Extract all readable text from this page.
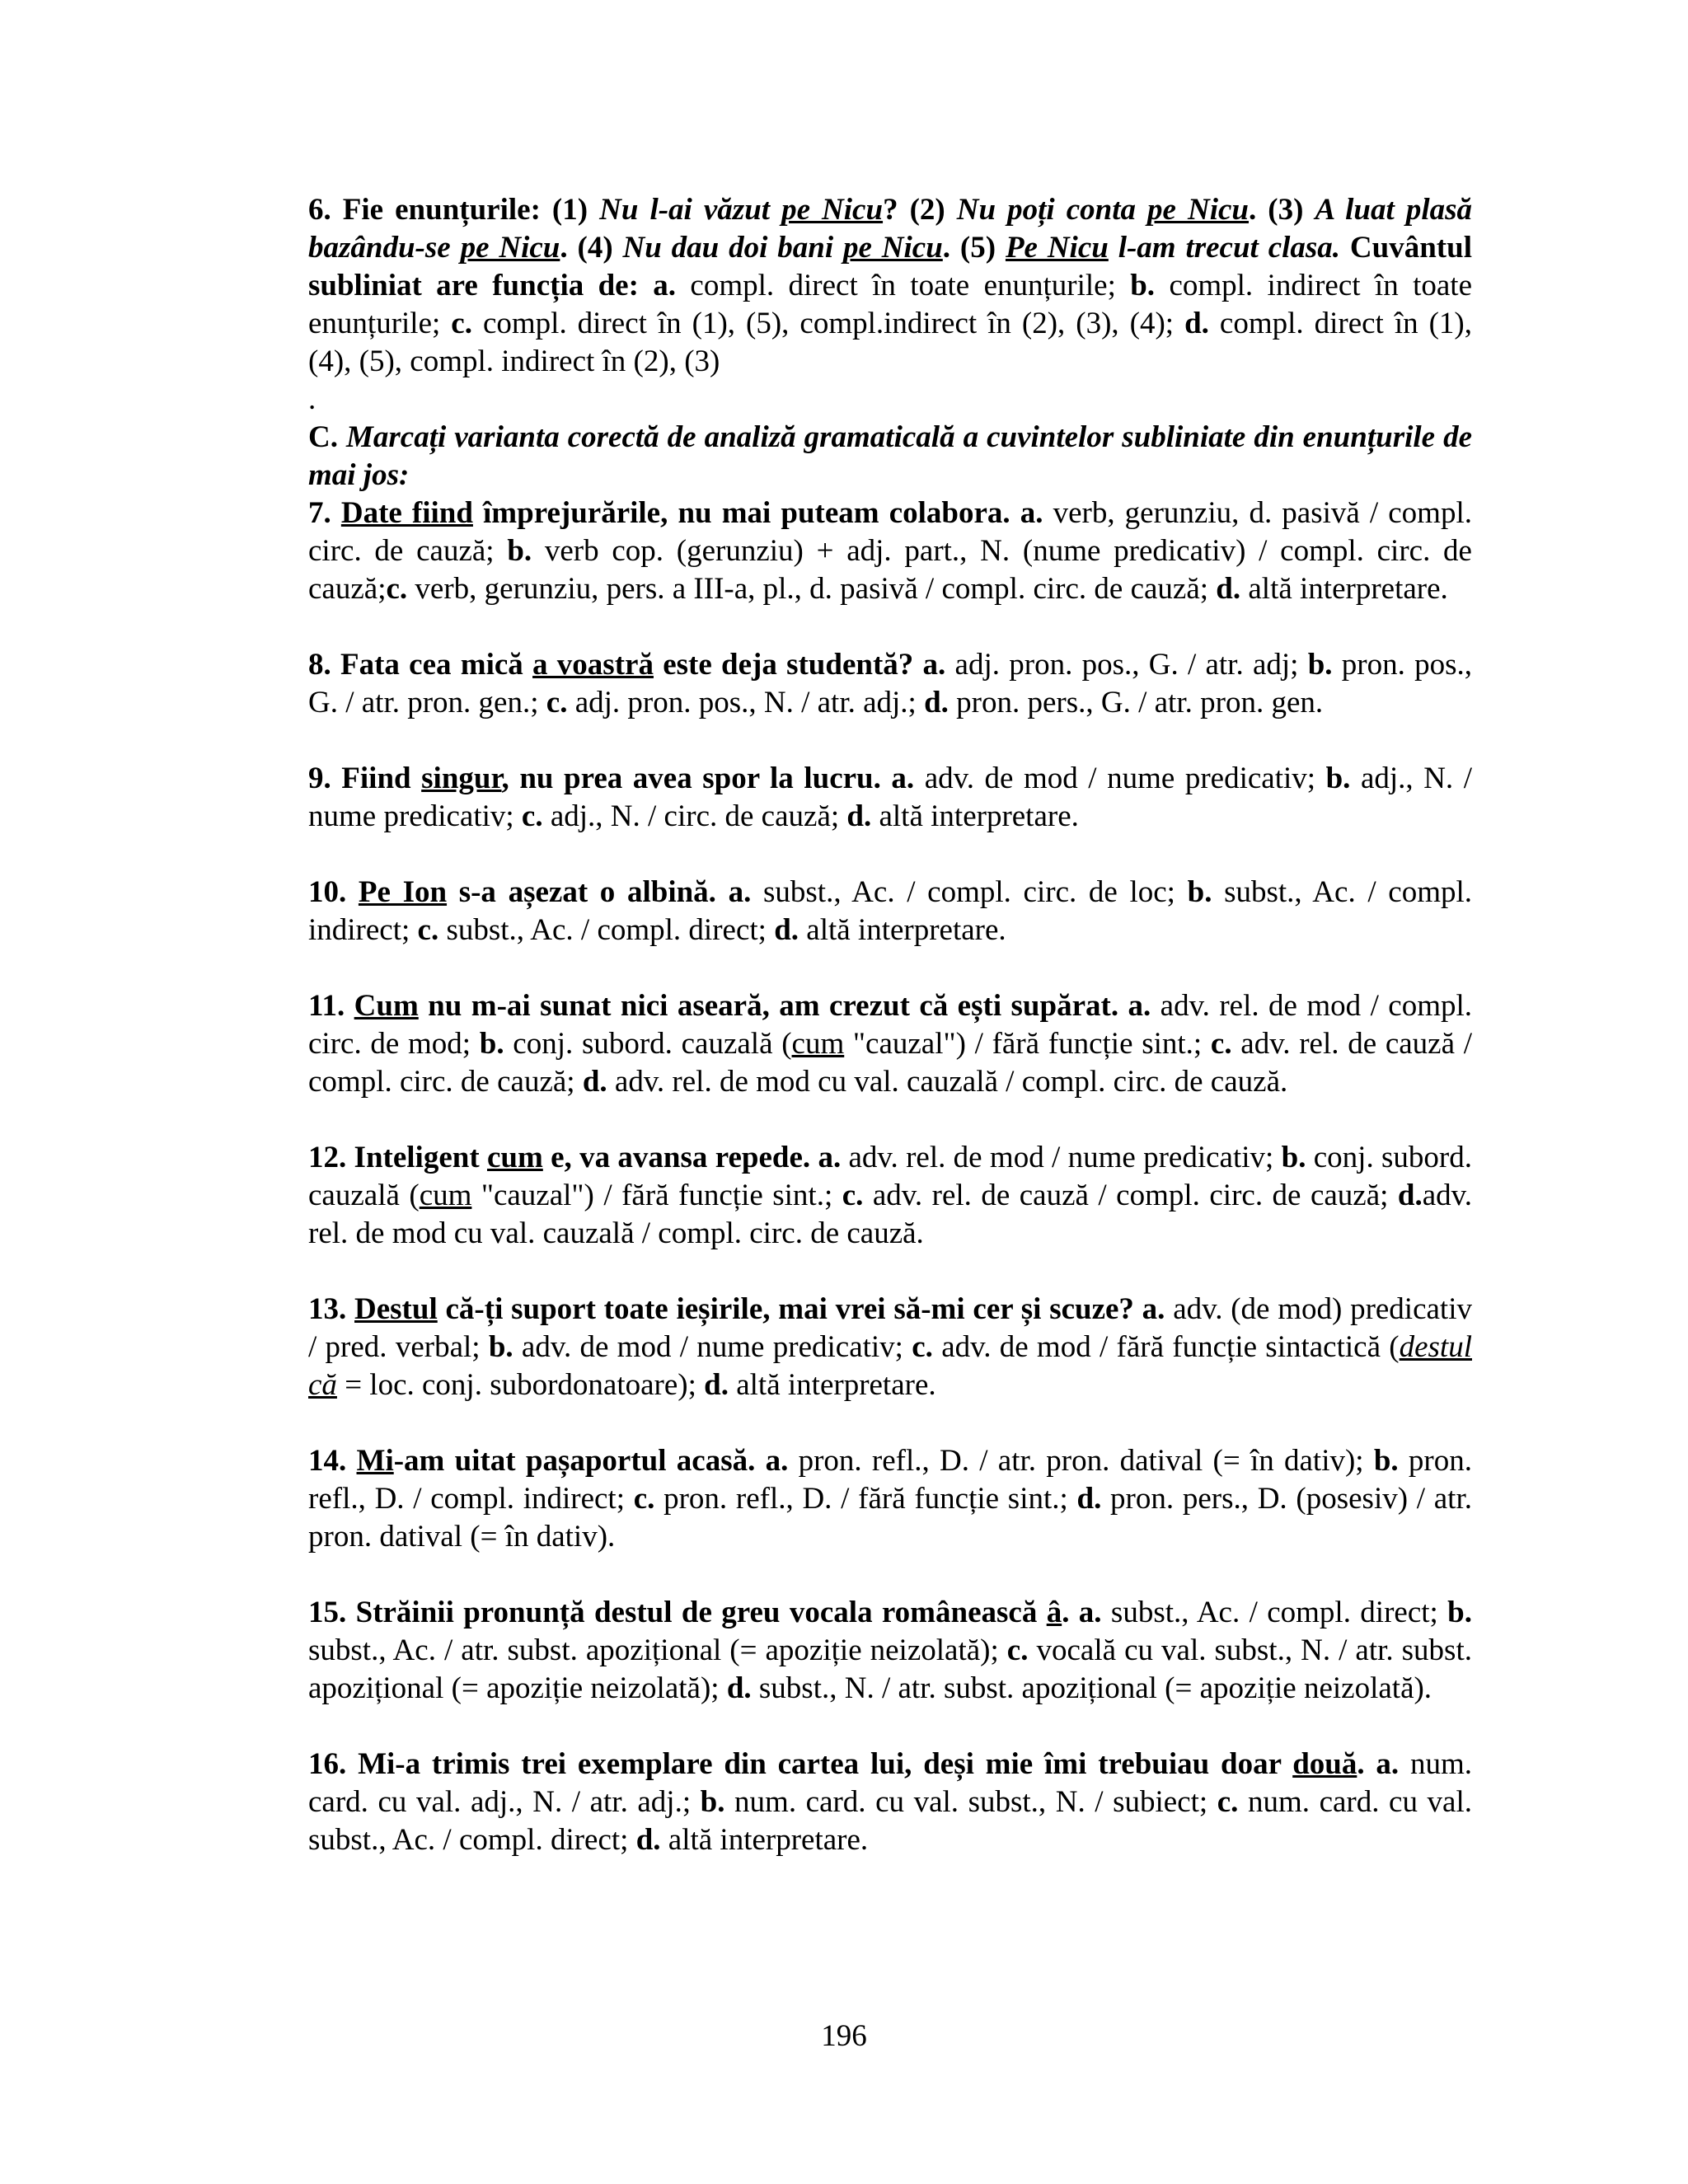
6. Fie enunțurile: (1) Nu l-ai văzut pe Nicu? (2) Nu poți conta pe Nicu. (3) A luat plasă bazându-se pe Nicu. (4) Nu dau doi bani pe Nicu. (5) Pe Nicu l-am trecut clasa. Cuvântul subliniat are funcția de: a. compl. direct în toate enunțurile; b. compl. indirect în toate enunțurile; c. compl. direct în (1), (5), compl.indirect în (2), (3), (4); d. compl. direct în (1), (4), (5), compl. indirect în (2), (3)
.
C. Marcați varianta corectă de analiză gramaticală a cuvintelor subliniate din enunțurile de mai jos:
7. Date fiind împrejurările, nu mai puteam colabora. a. verb, gerunziu, d. pasivă / compl. circ. de cauză; b. verb cop. (gerunziu) + adj. part., N. (nume predicativ) / compl. circ. de cauză;c. verb, gerunziu, pers. a III-a, pl., d. pasivă / compl. circ. de cauză; d. altă interpretare.
8. Fata cea mică a voastră este deja studentă? a. adj. pron. pos., G. / atr. adj; b. pron. pos., G. / atr. pron. gen.; c. adj. pron. pos., N. / atr. adj.; d. pron. pers., G. / atr. pron. gen.
9. Fiind singur, nu prea avea spor la lucru. a. adv. de mod / nume predicativ; b. adj., N. / nume predicativ; c. adj., N. / circ. de cauză; d. altă interpretare.
10. Pe Ion s-a așezat o albină. a. subst., Ac. / compl. circ. de loc; b. subst., Ac. / compl. indirect; c. subst., Ac. / compl. direct; d. altă interpretare.
11. Cum nu m-ai sunat nici aseară, am crezut că ești supărat. a. adv. rel. de mod / compl. circ. de mod; b. conj. subord. cauzală (cum "cauzal") / fără funcție sint.; c. adv. rel. de cauză / compl. circ. de cauză; d. adv. rel. de mod cu val. cauzală / compl. circ. de cauză.
12. Inteligent cum e, va avansa repede. a. adv. rel. de mod / nume predicativ; b. conj. subord. cauzală (cum "cauzal") / fără funcție sint.; c. adv. rel. de cauză / compl. circ. de cauză; d.adv. rel. de mod cu val. cauzală / compl. circ. de cauză.
13. Destul că-ți suport toate ieșirile, mai vrei să-mi cer și scuze? a. adv. (de mod) predicativ / pred. verbal; b. adv. de mod / nume predicativ; c. adv. de mod / fără funcție sintactică (destul că = loc. conj. subordonatoare); d. altă interpretare.
14. Mi-am uitat pașaportul acasă. a. pron. refl., D. / atr. pron. datival (= în dativ); b. pron. refl., D. / compl. indirect; c. pron. refl., D. / fără funcție sint.; d. pron. pers., D. (posesiv) / atr. pron. datival (= în dativ).
15. Străinii pronunță destul de greu vocala românească â. a. subst., Ac. / compl. direct; b. subst., Ac. / atr. subst. apozițional (= apoziție neizolată); c. vocală cu val. subst., N. / atr. subst. apozițional (= apoziție neizolată); d. subst., N. / atr. subst. apozițional (= apoziție neizolată).
16. Mi-a trimis trei exemplare din cartea lui, deși mie îmi trebuiau doar două. a. num. card. cu val. adj., N. / atr. adj.; b. num. card. cu val. subst., N. / subiect; c. num. card. cu val. subst., Ac. / compl. direct; d. altă interpretare.
196
